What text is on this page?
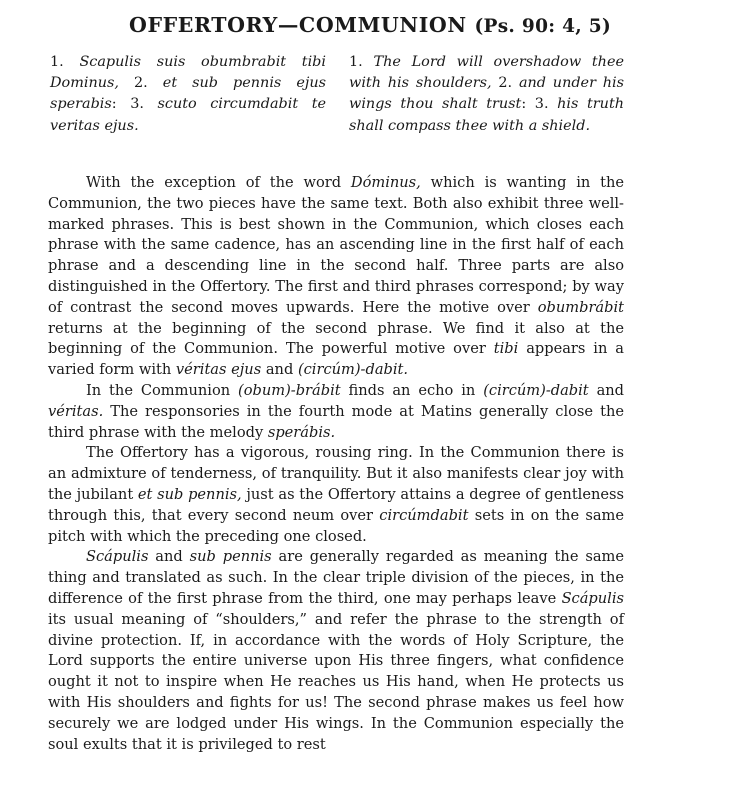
OFFERTORY—COMMUNION (Ps. 90: 4, 5)
1. Scapulis suis obumbrabit tibi Dominus, 2. et sub pennis ejus sperabis: 3. scuto circumdabit te veritas ejus.
1. The Lord will overshadow thee with his shoulders, 2. and under his wings thou shalt trust: 3. his truth shall compass thee with a shield.

With the exception of the word Dóminus, which is wanting in the Communion, the two pieces have the same text. Both also exhibit three well-marked phrases. This is best shown in the Communion, which closes each phrase with the same cadence, has an ascending line in the first half of each phrase and a descending line in the second half. Three parts are also distinguished in the Offertory. The first and third phrases correspond; by way of contrast the second moves upwards. Here the motive over obumbrábit returns at the beginning of the second phrase. We find it also at the beginning of the Communion. The powerful motive over tibi appears in a varied form with véritas ejus and (circúm)-dabit.

In the Communion (obum)-brábit finds an echo in (circúm)-dabit and véritas. The responsories in the fourth mode at Matins generally close the third phrase with the melody sperábis.

The Offertory has a vigorous, rousing ring. In the Communion there is an admixture of tenderness, of tranquility. But it also manifests clear joy with the jubilant et sub pennis, just as the Offertory attains a degree of gentleness through this, that every second neum over circúmdabit sets in on the same pitch with which the preceding one closed.

Scápulis and sub pennis are generally regarded as meaning the same thing and translated as such. In the clear triple division of the pieces, in the difference of the first phrase from the third, one may perhaps leave Scápulis its usual meaning of “shoulders,” and refer the phrase to the strength of divine protection. If, in accordance with the words of Holy Scripture, the Lord supports the entire universe upon His three fingers, what confidence ought it not to inspire when He reaches us His hand, when He protects us with His shoulders and fights for us! The second phrase makes us feel how securely we are lodged under His wings. In the Communion especially the soul exults that it is privileged to rest
